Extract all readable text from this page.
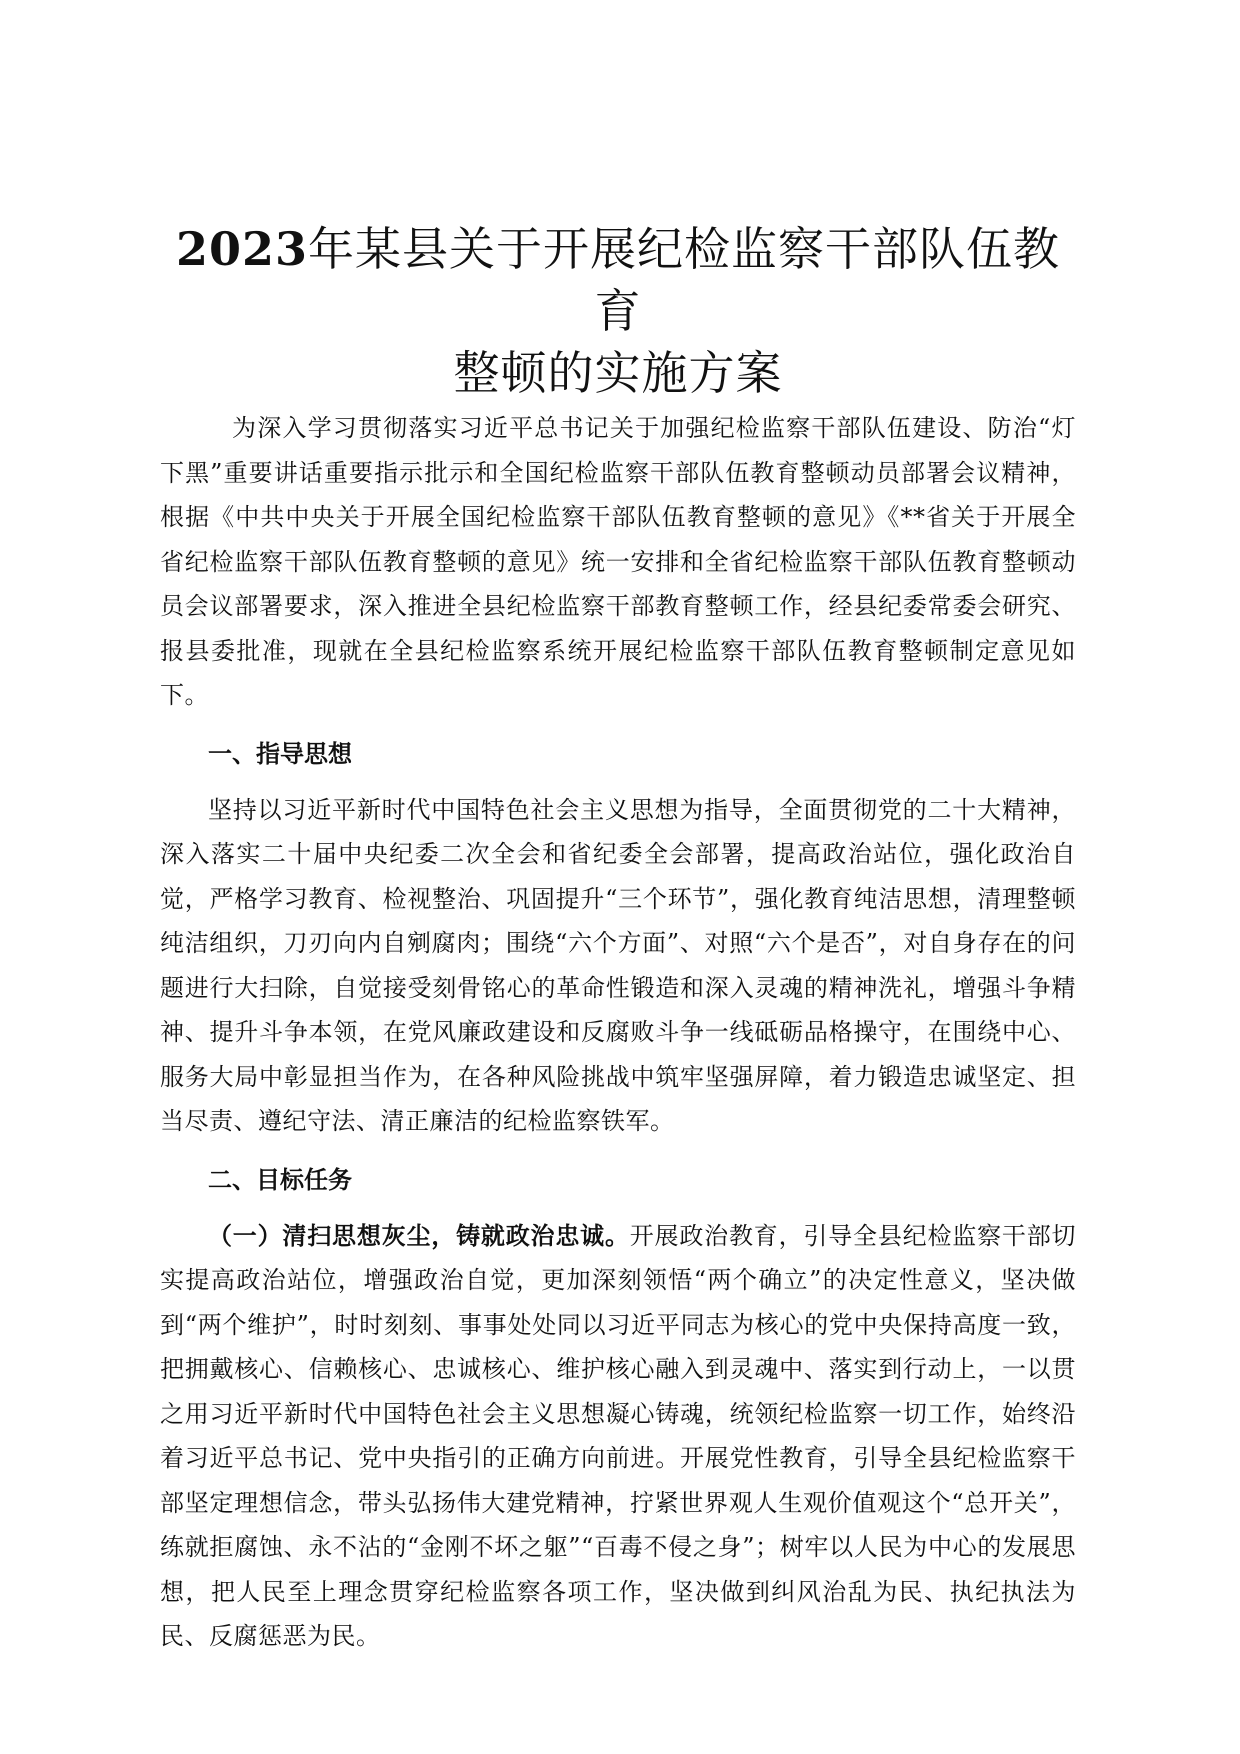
2023年某县关于开展纪检监察干部队伍教育
整顿的实施方案

为深入学习贯彻落实习近平总书记关于加强纪检监察干部队伍建设、防治“灯下黑”重要讲话重要指示批示和全国纪检监察干部队伍教育整顿动员部署会议精神，根据《中共中央关于开展全国纪检监察干部队伍教育整顿的意见》《**省关于开展全省纪检监察干部队伍教育整顿的意见》统一安排和全省纪检监察干部队伍教育整顿动员会议部署要求，深入推进全县纪检监察干部教育整顿工作，经县纪委常委会研究、报县委批准，现就在全县纪检监察系统开展纪检监察干部队伍教育整顿制定意见如下。

一、指导思想

坚持以习近平新时代中国特色社会主义思想为指导，全面贯彻党的二十大精神，深入落实二十届中央纪委二次全会和省纪委全会部署，提高政治站位，强化政治自觉，严格学习教育、检视整治、巩固提升“三个环节”，强化教育纯洁思想，清理整顿纯洁组织，刀刃向内自剜腐肉；围绕“六个方面”、对照“六个是否”，对自身存在的问题进行大扫除，自觉接受刻骨铭心的革命性锻造和深入灵魂的精神洗礼，增强斗争精神、提升斗争本领，在党风廉政建设和反腐败斗争一线砥砺品格操守，在围绕中心、服务大局中彰显担当作为，在各种风险挑战中筑牢坚强屏障，着力锻造忠诚坚定、担当尽责、遵纪守法、清正廉洁的纪检监察铁军。

二、目标任务

（一）清扫思想灰尘，铸就政治忠诚。开展政治教育，引导全县纪检监察干部切实提高政治站位，增强政治自觉，更加深刻领悟“两个确立”的决定性意义，坚决做到“两个维护”，时时刻刻、事事处处同以习近平同志为核心的党中央保持高度一致，把拥戴核心、信赖核心、忠诚核心、维护核心融入到灵魂中、落实到行动上，一以贯之用习近平新时代中国特色社会主义思想凝心铸魂，统领纪检监察一切工作，始终沿着习近平总书记、党中央指引的正确方向前进。开展党性教育，引导全县纪检监察干部坚定理想信念，带头弘扬伟大建党精神，拧紧世界观人生观价值观这个“总开关”，练就拒腐蚀、永不沾的“金刚不坏之躯”“百毒不侵之身”；树牢以人民为中心的发展思想，把人民至上理念贯穿纪检监察各项工作，坚决做到纠风治乱为民、执纪执法为民、反腐惩恶为民。
